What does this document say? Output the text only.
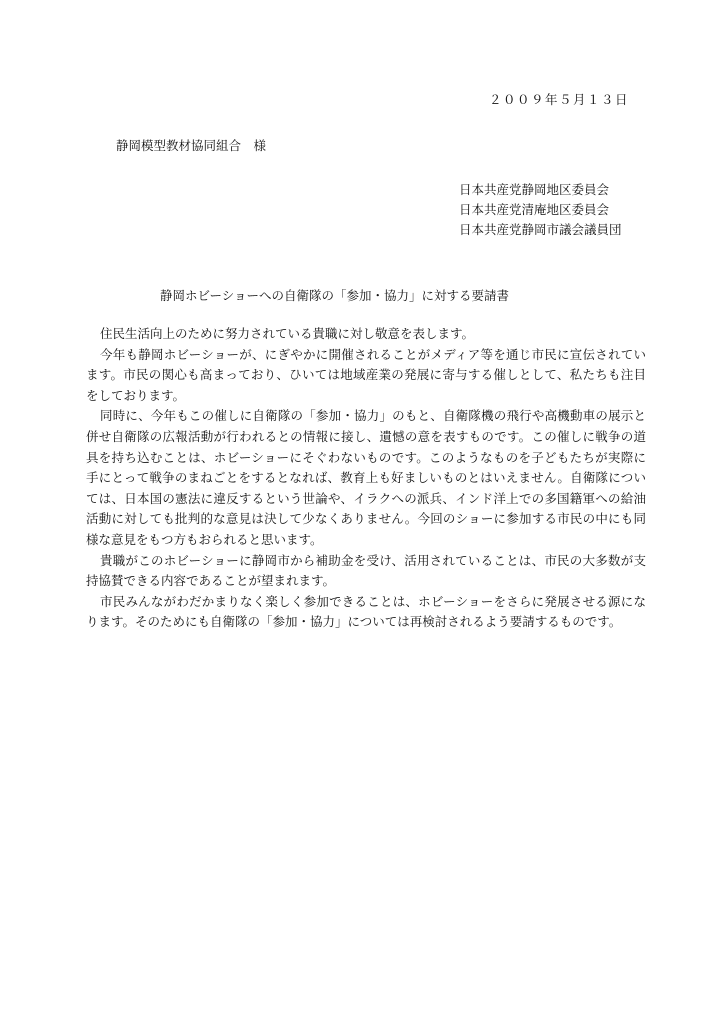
２００９年５月１３日
静岡模型教材協同組合　様
日本共産党静岡地区委員会
日本共産党清庵地区委員会
日本共産党静岡市議会議員団
静岡ホビーショーへの自衛隊の「参加・協力」に対する要請書

住民生活向上のために努力されている貴職に対し敬意を表します。

今年も静岡ホビーショーが、にぎやかに開催されることがメディア等を通じ市民に宣伝されています。市民の関心も高まっており、ひいては地域産業の発展に寄与する催しとして、私たちも注目をしております。

同時に、今年もこの催しに自衛隊の「参加・協力」のもと、自衛隊機の飛行や高機動車の展示と併せ自衛隊の広報活動が行われるとの情報に接し、遺憾の意を表すものです。この催しに戦争の道具を持ち込むことは、ホビーショーにそぐわないものです。このようなものを子どもたちが実際に手にとって戦争のまねごとをするとなれば、教育上も好ましいものとはいえません。自衛隊については、日本国の憲法に違反するという世論や、イラクへの派兵、インド洋上での多国籍軍への給油活動に対しても批判的な意見は決して少なくありません。今回のショーに参加する市民の中にも同様な意見をもつ方もおられると思います。

貴職がこのホビーショーに静岡市から補助金を受け、活用されていることは、市民の大多数が支持協賛できる内容であることが望まれます。

市民みんながわだかまりなく楽しく参加できることは、ホビーショーをさらに発展させる源になります。そのためにも自衛隊の「参加・協力」については再検討されるよう要請するものです。
